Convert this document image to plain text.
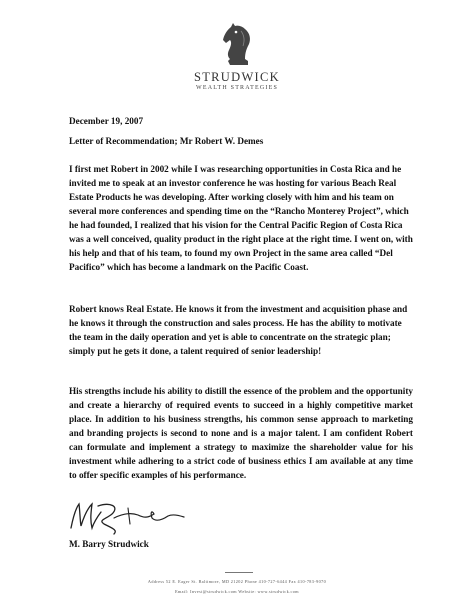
STRUDWICK
WEALTH STRATEGIES

December 19, 2007

Letter of Recommendation; Mr Robert W. Demes

I first met Robert in 2002 while I was researching opportunities in Costa Rica and he invited me to speak at an investor conference he was hosting for various Beach Real Estate Products he was developing. After working closely with him and his team on several more conferences and spending time on the “Rancho Monterey Project”, which he had founded, I realized that his vision for the Central Pacific Region of Costa Rica was a well conceived, quality product in the right place at the right time. I went on, with his help and that of his team, to found my own Project in the same area called “Del Pacifico” which has become a landmark on the Pacific Coast.

Robert knows Real Estate. He knows it from the investment and acquisition phase and he knows it through the construction and sales process. He has the ability to motivate the team in the daily operation and yet is able to concentrate on the strategic plan; simply put he gets it done, a talent required of senior leadership!

His strengths include his ability to distill the essence of the problem and the opportunity and create a hierarchy of required events to succeed in a highly competitive market place. In addition to his business strengths, his common sense approach to marketing and branding projects is second to none and is a major talent. I am confident Robert can formulate and implement a strategy to maximize the shareholder value for his investment while adhering to a strict code of business ethics I am available at any time to offer specific examples of his performance.

M. Barry Strudwick
Address 52 E. Eager St. Baltimore, MD 21202 Phone 410-727-6444 Fax 410-783-9070
Email: Invest@strudwick.com Website: www.strudwick.com
